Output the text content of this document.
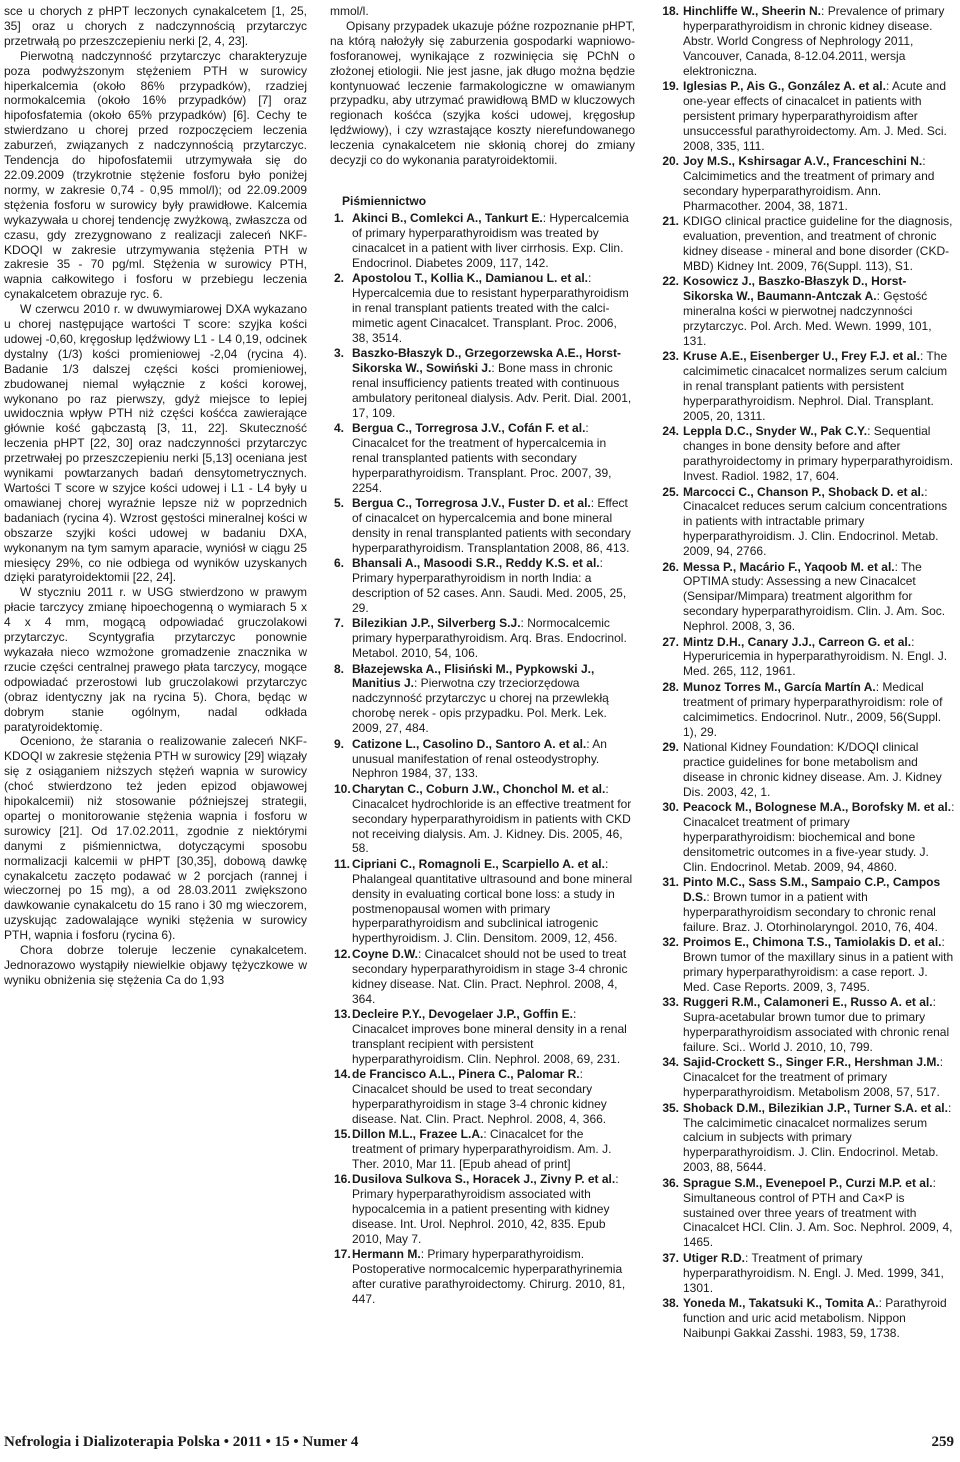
sce u chorych z pHPT leczonych cynakalcetem [1, 25, 35] oraz u chorych z nadczynnością przytarczyc przetrwałą po przeszczepieniu nerki [2, 4, 23].

Pierwotną nadczynność przytarczyc charakteryzuje poza podwyższonym stężeniem PTH w surowicy hiperkalcemia (około 86% przypadków), rzadziej normokalcemia (około 16% przypadków) [7] oraz hipofosfatemia (około 65% przypadków) [6]. Cechy te stwierdzano u chorej przed rozpoczęciem leczenia zaburzeń, związanych z nadczynnością przytarczyc. Tendencja do hipofosfatemii utrzymywała się do 22.09.2009 (trzykrotnie stężenie fosforu było poniżej normy, w zakresie 0,74 - 0,95 mmol/l); od 22.09.2009 stężenia fosforu w surowicy były prawidłowe. Kalcemia wykazywała u chorej tendencję zwyżkową, zwłaszcza od czasu, gdy zrezygnowano z realizacji zaleceń NKF-KDOQI w zakresie utrzymywania stężenia PTH w zakresie 35 - 70 pg/ml. Stężenia w surowicy PTH, wapnia całkowitego i fosforu w przebiegu leczenia cynakalcetem obrazuje ryc. 6.

W czerwcu 2010 r. w dwuwymiarowej DXA wykazano u chorej następujące wartości T score: szyjka kości udowej -0,60, kręgosłup lędźwiowy L1 - L4 0,19, odcinek dystalny (1/3) kości promieniowej -2,04 (rycina 4). Badanie 1/3 dalszej części kości promieniowej, zbudowanej niemal wyłącznie z kości korowej, wykonano po raz pierwszy, gdyż miejsce to lepiej uwidocznia wpływ PTH niż części kośćca zawierające głównie kość gąbczastą [3, 11, 22]. Skuteczność leczenia pHPT [22, 30] oraz nadczynności przytarczyc przetrwałej po przeszczepieniu nerki [5,13] oceniana jest wynikami powtarzanych badań densytometrycznych. Wartości T score w szyjce kości udowej i L1 - L4 były u omawianej chorej wyraźnie lepsze niż w poprzednich badaniach (rycina 4). Wzrost gęstości mineralnej kości w obszarze szyjki kości udowej w badaniu DXA, wykonanym na tym samym aparacie, wyniósł w ciągu 25 miesięcy 29%, co nie odbiega od wyników uzyskanych dzięki paratyroidektomii [22, 24].

W styczniu 2011 r. w USG stwierdzono w prawym płacie tarczycy zmianę hipoechogenną o wymiarach 5 x 4 x 4 mm, mogącą odpowiadać gruczolakowi przytarczyc. Scyntygrafia przytarczyc ponownie wykazała nieco wzmożone gromadzenie znacznika w rzucie części centralnej prawego płata tarczycy, mogące odpowiadać przerostowi lub gruczolakowi przytarczyc (obraz identyczny jak na rycina 5). Chora, będąc w dobrym stanie ogólnym, nadal odkłada paratyroidektomię.

Oceniono, że starania o realizowanie zaleceń NKF-KDOQI w zakresie stężenia PTH w surowicy [29] wiązały się z osiąganiem niższych stężeń wapnia w surowicy (choć stwierdzono też jeden epizod objawowej hipokalcemii) niż stosowanie późniejszej strategii, opartej o monitorowanie stężenia wapnia i fosforu w surowicy [21]. Od 17.02.2011, zgodnie z niektórymi danymi z piśmiennictwa, dotyczącymi sposobu normalizacji kalcemii w pHPT [30,35], dobową dawkę cynakalcetu zaczęto podawać w 2 porcjach (rannej i wieczornej po 15 mg), a od 28.03.2011 zwiększono dawkowanie cynakalcetu do 15 rano i 30 mg wieczorem, uzyskując zadowalające wyniki stężenia w surowicy PTH, wapnia i fosforu (rycina 6).

Chora dobrze toleruje leczenie cynakalcetem. Jednorazowo wystąpiły niewielkie objawy tężyczkowe w wyniku obniżenia się stężenia Ca do 1,93

mmol/l.

Opisany przypadek ukazuje późne rozpoznanie pHPT, na którą nałożyły się zaburzenia gospodarki wapniowo-fosforanowej, wynikające z rozwinięcia się PChN o złożonej etiologii. Nie jest jasne, jak długo można będzie kontynuować leczenie farmakologiczne w omawianym przypadku, aby utrzymać prawidłową BMD w kluczowych regionach kośćca (szyjka kości udowej, kręgosłup lędźwiowy), i czy wzrastające koszty nierefundowanego leczenia cynakalcetem nie skłonią chorej do zmiany decyzji co do wykonania paratyroidektomii.

Piśmiennictwo
1. Akinci B., Comlekci A., Tankurt E.: Hypercalcemia of primary hyperparathyroidism was treated by cinacalcet in a patient with liver cirrhosis. Exp. Clin. Endocrinol. Diabetes 2009, 117, 142.
2. Apostolou T., Kollia K., Damianou L. et al.: Hypercalcemia due to resistant hyperparathyroidism in renal transplant patients treated with the calci-mimetic agent Cinacalcet. Transplant. Proc. 2006, 38, 3514.
3. Baszko-Błaszyk D., Grzegorzewska A.E., Horst-Sikorska W., Sowiński J.: Bone mass in chronic renal insufficiency patients treated with continuous ambulatory peritoneal dialysis. Adv. Perit. Dial. 2001, 17, 109.
4. Bergua C., Torregrosa J.V., Cofán F. et al.: Cinacalcet for the treatment of hypercalcemia in renal transplanted patients with secondary hyperparathyroidism. Transplant. Proc. 2007, 39, 2254.
5. Bergua C., Torregrosa J.V., Fuster D. et al.: Effect of cinacalcet on hypercalcemia and bone mineral density in renal transplanted patients with secondary hyperparathyroidism. Transplantation 2008, 86, 413.
6. Bhansali A., Masoodi S.R., Reddy K.S. et al.: Primary hyperparathyroidism in north India: a description of 52 cases. Ann. Saudi. Med. 2005, 25, 29.
7. Bilezikian J.P., Silverberg S.J.: Normocalcemic primary hyperparathyroidism. Arq. Bras. Endocrinol. Metabol. 2010, 54, 106.
8. Błazejewska A., Flisiński M., Pypkowski J., Manitius J.: Pierwotna czy trzeciorzędowa nadczynność przytarczyc u chorej na przewlekłą chorobę nerek - opis przypadku. Pol. Merk. Lek. 2009, 27, 484.
9. Catizone L., Casolino D., Santoro A. et al.: An unusual manifestation of renal osteodystrophy. Nephron 1984, 37, 133.
10. Charytan C., Coburn J.W., Chonchol M. et al.: Cinacalcet hydrochloride is an effective treatment for secondary hyperparathyroidism in patients with CKD not receiving dialysis. Am. J. Kidney. Dis. 2005, 46, 58.
11. Cipriani C., Romagnoli E., Scarpiello A. et al.: Phalangeal quantitative ultrasound and bone mineral density in evaluating cortical bone loss: a study in postmenopausal women with primary hyperparathyroidism and subclinical iatrogenic hyperthyroidism. J. Clin. Densitom. 2009, 12, 456.
12. Coyne D.W.: Cinacalcet should not be used to treat secondary hyperparathyroidism in stage 3-4 chronic kidney disease. Nat. Clin. Pract. Nephrol. 2008, 4, 364.
13. Decleire P.Y., Devogelaer J.P., Goffin E.: Cinacalcet improves bone mineral density in a renal transplant recipient with persistent hyperparathyroidism. Clin. Nephrol. 2008, 69, 231.
14. de Francisco A.L., Pinera C., Palomar R.: Cinacalcet should be used to treat secondary hyperparathyroidism in stage 3-4 chronic kidney disease. Nat. Clin. Pract. Nephrol. 2008, 4, 366.
15. Dillon M.L., Frazee L.A.: Cinacalcet for the treatment of primary hyperparathyroidism. Am. J. Ther. 2010, Mar 11. [Epub ahead of print]
16. Dusilova Sulkova S., Horacek J., Zivny P. et al.: Primary hyperparathyroidism associated with hypocalcemia in a patient presenting with kidney disease. Int. Urol. Nephrol. 2010, 42, 835. Epub 2010, May 7.
17. Hermann M.: Primary hyperparathyroidism. Postoperative normocalcemic hyperparathyrinemia after curative parathyroidectomy. Chirurg. 2010, 81, 447.
18. Hinchliffe W., Sheerin N.: Prevalence of primary hyperparathyroidism in chronic kidney disease. Abstr. World Congress of Nephrology 2011, Vancouver, Canada, 8-12.04.2011, wersja elektroniczna.
19. Iglesias P., Ais G., González A. et al.: Acute and one-year effects of cinacalcet in patients with persistent primary hyperparathyroidism after unsuccessful parathyroidectomy. Am. J. Med. Sci. 2008, 335, 111.
20. Joy M.S., Kshirsagar A.V., Franceschini N.: Calcimimetics and the treatment of primary and secondary hyperparathyroidism. Ann. Pharmacother. 2004, 38, 1871.
21. KDIGO clinical practice guideline for the diagnosis, evaluation, prevention, and treatment of chronic kidney disease - mineral and bone disorder (CKD-MBD) Kidney Int. 2009, 76(Suppl. 113), S1.
22. Kosowicz J., Baszko-Błaszyk D., Horst-Sikorska W., Baumann-Antczak A.: Gęstość mineralna kości w pierwotnej nadczynności przytarczyc. Pol. Arch. Med. Wewn. 1999, 101, 131.
23. Kruse A.E., Eisenberger U., Frey F.J. et al.: The calcimimetic cinacalcet normalizes serum calcium in renal transplant patients with persistent hyperparathyroidism. Nephrol. Dial. Transplant. 2005, 20, 1311.
24. Leppla D.C., Snyder W., Pak C.Y.: Sequential changes in bone density before and after parathyroidectomy in primary hyperparathyroidism. Invest. Radiol. 1982, 17, 604.
25. Marcocci C., Chanson P., Shoback D. et al.: Cinacalcet reduces serum calcium concentrations in patients with intractable primary hyperparathyroidism. J. Clin. Endocrinol. Metab. 2009, 94, 2766.
26. Messa P., Macário F., Yaqoob M. et al.: The OPTIMA study: Assessing a new Cinacalcet (Sensipar/Mimpara) treatment algorithm for secondary hyperparathyroidism. Clin. J. Am. Soc. Nephrol. 2008, 3, 36.
27. Mintz D.H., Canary J.J., Carreon G. et al.: Hyperuricemia in hyperparathyroidism. N. Engl. J. Med. 265, 112, 1961.
28. Munoz Torres M., García Martín A.: Medical treatment of primary hyperparathyroidism: role of calcimimetics. Endocrinol. Nutr., 2009, 56(Suppl. 1), 29.
29. National Kidney Foundation: K/DOQI clinical practice guidelines for bone metabolism and disease in chronic kidney disease. Am. J. Kidney Dis. 2003, 42, 1.
30. Peacock M., Bolognese M.A., Borofsky M. et al.: Cinacalcet treatment of primary hyperparathyroidism: biochemical and bone densitometric outcomes in a five-year study. J. Clin. Endocrinol. Metab. 2009, 94, 4860.
31. Pinto M.C., Sass S.M., Sampaio C.P., Campos D.S.: Brown tumor in a patient with hyperparathyroidism secondary to chronic renal failure. Braz. J. Otorhinolaryngol. 2010, 76, 404.
32. Proimos E., Chimona T.S., Tamiolakis D. et al.: Brown tumor of the maxillary sinus in a patient with primary hyperparathyroidism: a case report. J. Med. Case Reports. 2009, 3, 7495.
33. Ruggeri R.M., Calamoneri E., Russo A. et al.: Supra-acetabular brown tumor due to primary hyperparathyroidism associated with chronic renal failure. Sci.. World J. 2010, 10, 799.
34. Sajid-Crockett S., Singer F.R., Hershman J.M.: Cinacalcet for the treatment of primary hyperparathyroidism. Metabolism 2008, 57, 517.
35. Shoback D.M., Bilezikian J.P., Turner S.A. et al.: The calcimimetic cinacalcet normalizes serum calcium in subjects with primary hyperparathyroidism. J. Clin. Endocrinol. Metab. 2003, 88, 5644.
36. Sprague S.M., Evenepoel P., Curzi M.P. et al.: Simultaneous control of PTH and Ca×P is sustained over three years of treatment with Cinacalcet HCl. Clin. J. Am. Soc. Nephrol. 2009, 4, 1465.
37. Utiger R.D.: Treatment of primary hyperparathyroidism. N. Engl. J. Med. 1999, 341, 1301.
38. Yoneda M., Takatsuki K., Tomita A.: Parathyroid function and uric acid metabolism. Nippon Naibunpi Gakkai Zasshi. 1983, 59, 1738.
Nefrologia i Dializoterapia Polska • 2011 • 15 • Numer 4	259
